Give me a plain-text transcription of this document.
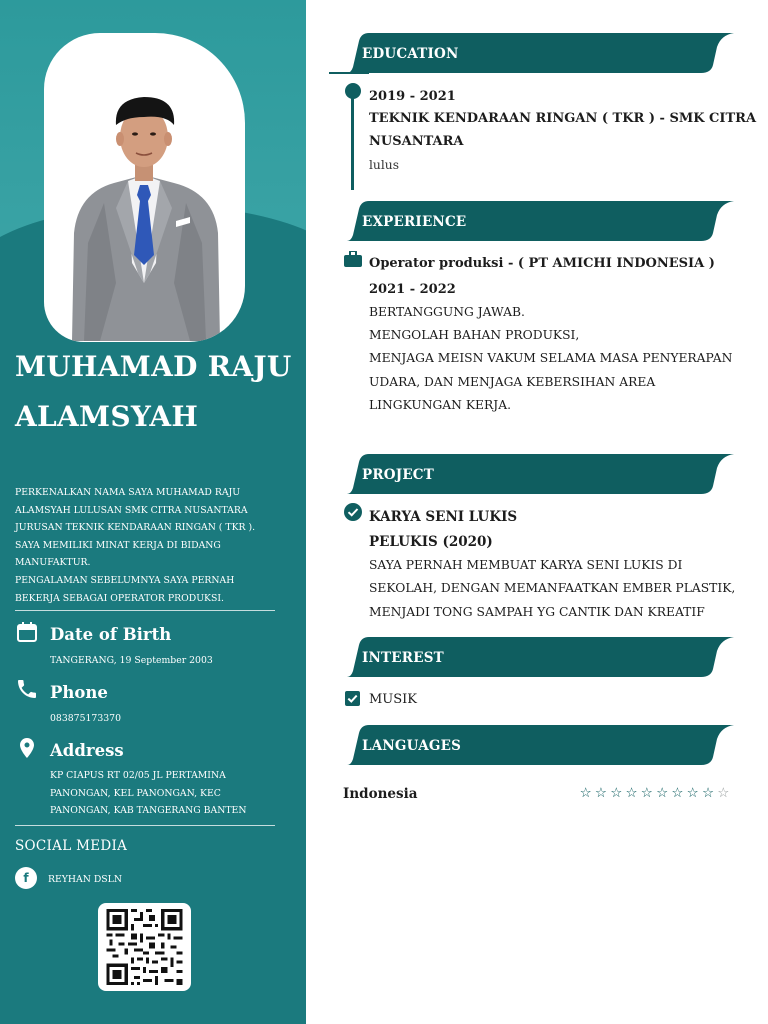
MUHAMAD RAJU
ALAMSYAH
PERKENALKAN NAMA SAYA MUHAMAD RAJU
ALAMSYAH LULUSAN SMK CITRA NUSANTARA
JURUSAN TEKNIK KENDARAAN RINGAN ( TKR ).
SAYA MEMILIKI MINAT KERJA DI BIDANG
MANUFAKTUR.
PENGALAMAN SEBELUMNYA SAYA PERNAH
BEKERJA SEBAGAI OPERATOR PRODUKSI.
Date of Birth
TANGERANG, 19 September 2003
Phone
083875173370
Address
KP CIAPUS RT 02/05 JL PERTAMINA
PANONGAN, KEL PANONGAN, KEC
PANONGAN, KAB TANGERANG BANTEN
SOCIAL MEDIA
f	REYHAN DSLN
EDUCATION
2019 - 2021
TEKNIK KENDARAAN RINGAN ( TKR ) - SMK CITRA
NUSANTARA
lulus
EXPERIENCE
Operator produksi - ( PT AMICHI INDONESIA )
2021 - 2022
BERTANGGUNG JAWAB.
MENGOLAH BAHAN PRODUKSI,
MENJAGA MEISN VAKUM SELAMA MASA PENYERAPAN
UDARA, DAN MENJAGA KEBERSIHAN AREA
LINGKUNGAN KERJA.
PROJECT
KARYA SENI LUKIS
PELUKIS (2020)
SAYA PERNAH MEMBUAT KARYA SENI LUKIS DI
SEKOLAH, DENGAN MEMANFAATKAN EMBER PLASTIK,
MENJADI TONG SAMPAH YG CANTIK DAN KREATIF
INTEREST
MUSIK
LANGUAGES
Indonesia	☆ ☆ ☆ ☆ ☆ ☆ ☆ ☆ ☆ ☆
